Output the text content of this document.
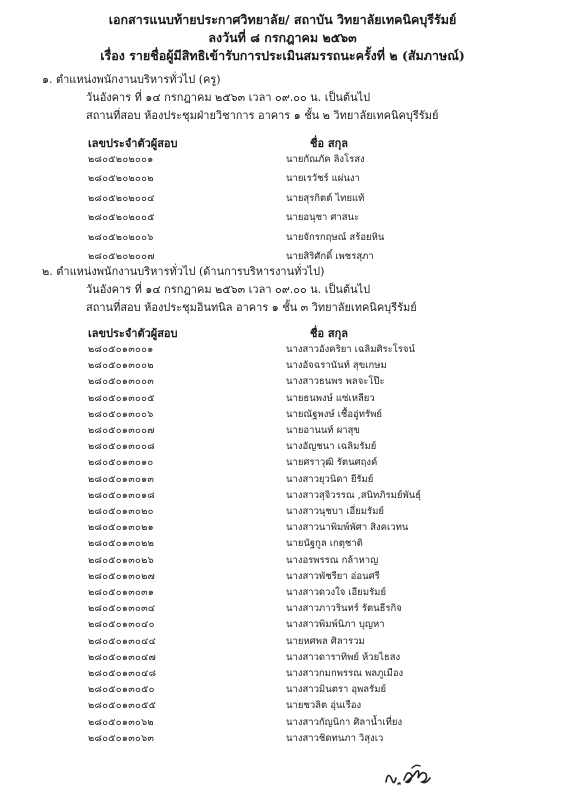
เอกสารแนบท้ายประกาศวิทยาลัย/ สถาบัน วิทยาลัยเทคนิคบุรีรัมย์
ลงวันที่ ๘ กรกฎาคม ๒๕๖๓
เรื่อง รายชื่อผู้มีสิทธิเข้ารับการประเมินสมรรถนะครั้งที่ ๒ (สัมภาษณ์)
๑. ตำแหน่งพนักงานบริหารทั่วไป (ครู)
วันอังคาร ที่ ๑๔ กรกฎาคม ๒๕๖๓ เวลา ๐๙.๐๐ น. เป็นต้นไป
สถานที่สอบ ห้องประชุมฝ่ายวิชาการ อาคาร ๑ ชั้น ๒ วิทยาลัยเทคนิคบุรีรัมย์
เลขประจำตัวผู้สอบ	ชื่อ สกุล
๒๘๐๕๒๐๒๐๐๑	นายกัณภัค ลิงโรสง
๒๘๐๕๒๐๒๐๐๒	นายเรวัชร์ แผ่นงา
๒๘๐๕๒๐๒๐๐๔	นายสุรกิตต์ ไทยแท้
๒๘๐๕๒๐๒๐๐๕	นายอนุชา ศาสนะ
๒๘๐๕๒๐๒๐๐๖	นายจักรกฤษณ์ สร้อยหิน
๒๘๐๕๒๐๒๐๐๗	นายสิริศักดิ์ เพชรสุภา
๒. ตำแหน่งพนักงานบริหารทั่วไป (ด้านการบริหารงานทั่วไป)
วันอังคาร ที่ ๑๔ กรกฎาคม ๒๕๖๓ เวลา ๐๙.๐๐ น. เป็นต้นไป
สถานที่สอบ ห้องประชุมอินทนิล อาคาร ๑ ชั้น ๓ วิทยาลัยเทคนิคบุรีรัมย์
เลขประจำตัวผู้สอบ	ชื่อ สกุล
๒๘๐๕๐๑๓๐๐๑	นางสาวอังคริยา เฉลิมศิระโรจน์
๒๘๐๕๐๑๓๐๐๒	นางอัจฉรานันท์ สุขเกษม
๒๘๐๕๐๑๓๐๐๓	นางสาวธนพร พลจะโป๊ะ
๒๘๐๕๐๑๓๐๐๕	นายธนพงษ์ แซ่เหลียว
๒๘๐๕๐๑๓๐๐๖	นายณัฐพงษ์ เชื้ออู่ทรัพย์
๒๘๐๕๐๑๓๐๐๗	นายอานนท์ ผาสุข
๒๘๐๕๐๑๓๐๐๘	นางอัญชนา เฉลิมรัมย์
๒๘๐๕๐๑๓๐๑๐	นายศราวุฒิ รัตนศฤงค์
๒๘๐๕๐๑๓๐๑๓	นางสาวยุวนิดา ยีรัมย์
๒๘๐๕๐๑๓๐๑๘	นางสาวสุจิวรรณ ,สนิทภิรมย์พันธุ์
๒๘๐๕๐๑๓๐๒๐	นางสาวนุชบา เอี่ยมรัมย์
๒๘๐๕๐๑๓๐๒๑	นางสาวนาพิมพ์พัศา สิงคเวทน
๒๘๐๕๐๑๓๐๒๒	นายนัฐกูล เกตุชาติ
๒๘๐๕๐๑๓๐๒๖	นางอรพรรณ กล้าหาญ
๒๘๐๕๐๑๓๐๒๗	นางสาวพัชรียา อ่อนศรี
๒๘๐๕๐๑๓๐๓๑	นางสาวดวงใจ เอียมรัมย์
๒๘๐๕๐๑๓๐๓๔	นางสาวภาวรินทร์ รัตนธีรกิจ
๒๘๐๕๐๑๓๐๔๐	นางสาวพิมพ์นิภา บุญหา
๒๘๐๕๐๑๓๐๔๔	นายหศพล ศิลารวม
๒๘๐๕๐๑๓๐๔๗	นางสาวดาราทิพย์ ห้วยไธสง
๒๘๐๕๐๑๓๐๔๘	นางสาวกมกพรรณ พลภูเมือง
๒๘๐๕๐๑๓๐๕๐	นางสาวมินตรา อุพลรัมย์
๒๘๐๕๐๑๓๐๕๕	นายชวลิต อุ่นเรือง
๒๘๐๕๐๑๓๐๖๒	นางสาวกัญนิกา ศิลาน้ำเที่ยง
๒๘๐๕๐๑๓๐๖๓	นางสาวชิดทนภา วิสุงเว
